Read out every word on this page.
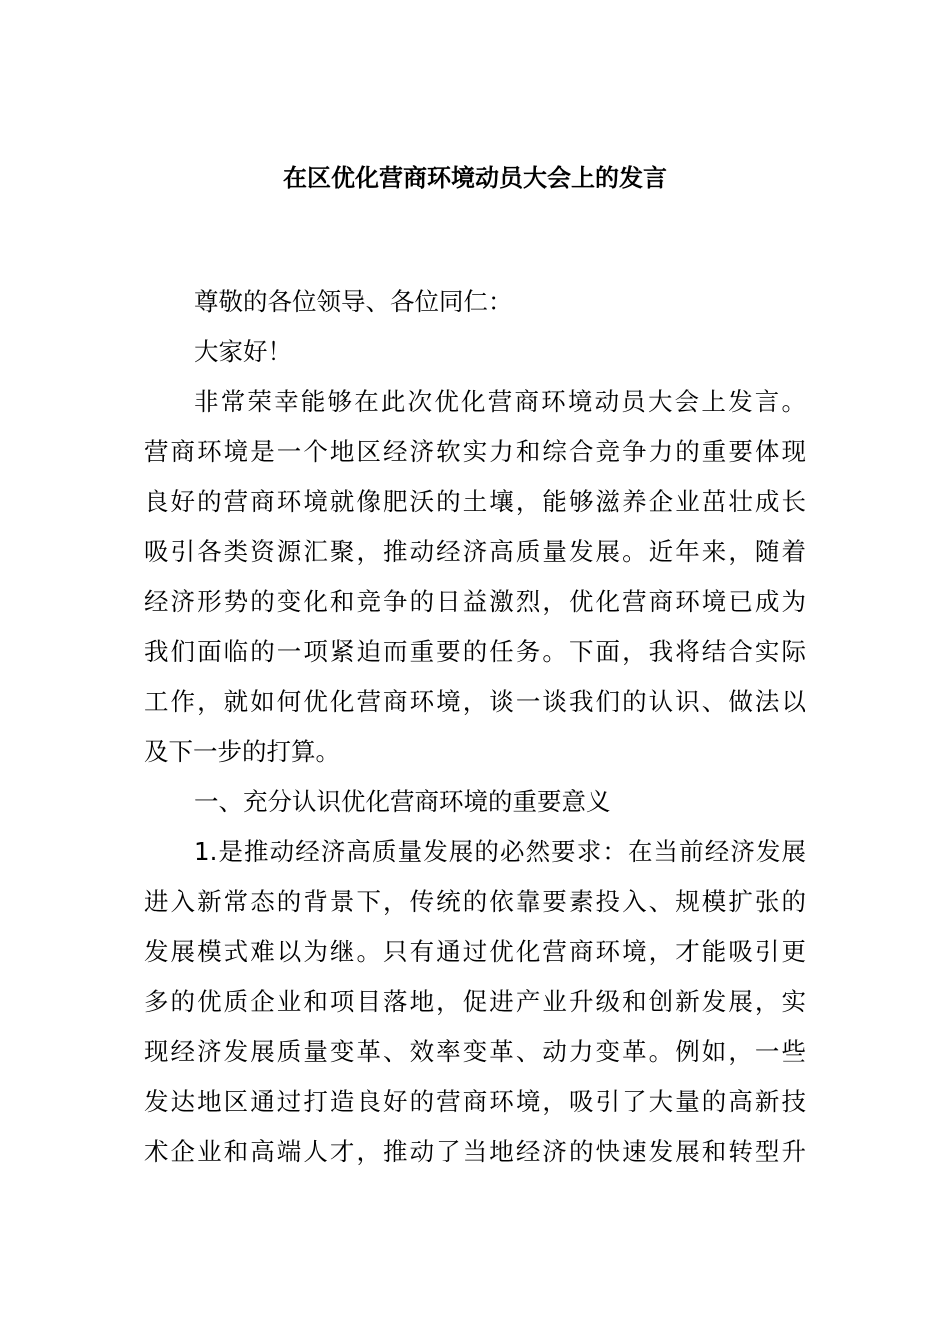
在区优化营商环境动员大会上的发言
尊敬的各位领导、各位同仁：
大家好！
非常荣幸能够在此次优化营商环境动员大会上发言。
营商环境是一个地区经济软实力和综合竞争力的重要体现
良好的营商环境就像肥沃的土壤，能够滋养企业茁壮成长
吸引各类资源汇聚，推动经济高质量发展。近年来，随着
经济形势的变化和竞争的日益激烈，优化营商环境已成为
我们面临的一项紧迫而重要的任务。下面，我将结合实际
工作，就如何优化营商环境，谈一谈我们的认识、做法以
及下一步的打算。
一、充分认识优化营商环境的重要意义
1.是推动经济高质量发展的必然要求：在当前经济发展
进入新常态的背景下，传统的依靠要素投入、规模扩张的
发展模式难以为继。只有通过优化营商环境，才能吸引更
多的优质企业和项目落地，促进产业升级和创新发展，实
现经济发展质量变革、效率变革、动力变革。例如，一些
发达地区通过打造良好的营商环境，吸引了大量的高新技
术企业和高端人才，推动了当地经济的快速发展和转型升
